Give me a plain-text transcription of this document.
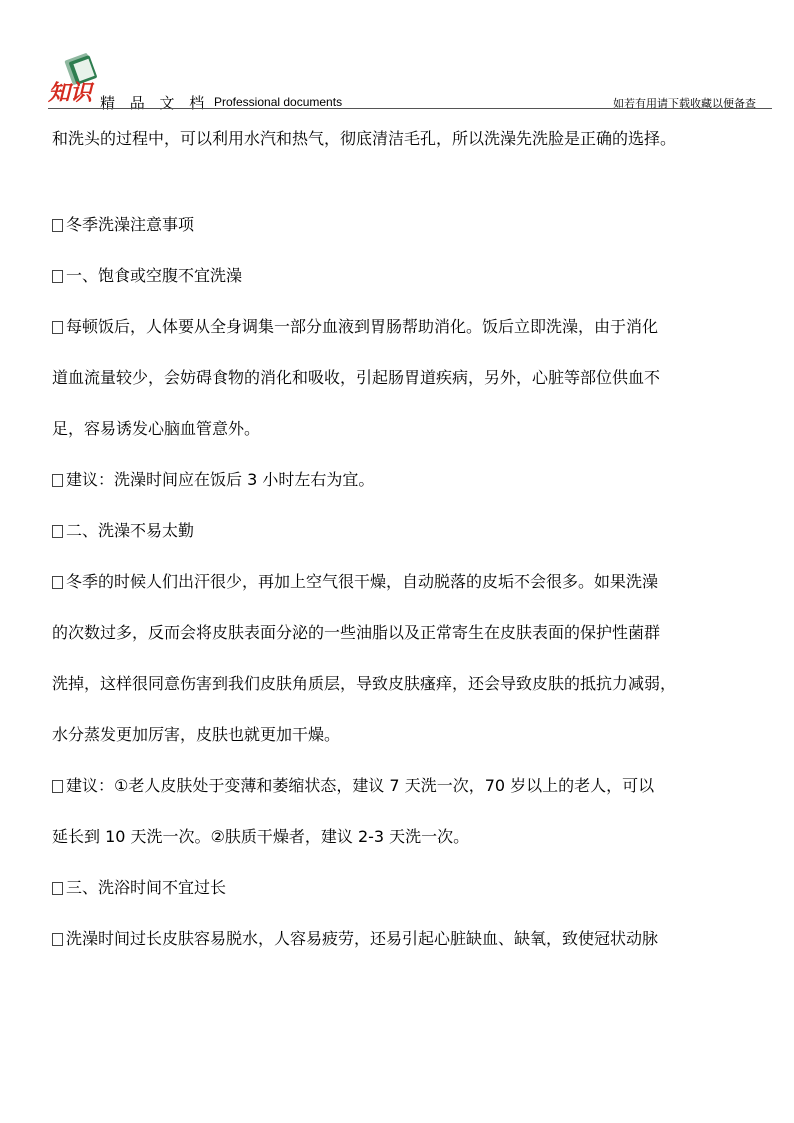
知识 精 品 文 档 Professional documents	如若有用请下载收藏以便备查
和洗头的过程中，可以利用水汽和热气，彻底清洁毛孔，所以洗澡先洗脸是正确的选择。
冬季洗澡注意事项
一、饱食或空腹不宜洗澡
每顿饭后，人体要从全身调集一部分血液到胃肠帮助消化。饭后立即洗澡，由于消化
道血流量较少，会妨碍食物的消化和吸收，引起肠胃道疾病，另外，心脏等部位供血不
足，容易诱发心脑血管意外。
建议：洗澡时间应在饭后 3 小时左右为宜。
二、洗澡不易太勤
冬季的时候人们出汗很少，再加上空气很干燥，自动脱落的皮垢不会很多。如果洗澡
的次数过多，反而会将皮肤表面分泌的一些油脂以及正常寄生在皮肤表面的保护性菌群
洗掉，这样很同意伤害到我们皮肤角质层，导致皮肤瘙痒，还会导致皮肤的抵抗力减弱，
水分蒸发更加厉害，皮肤也就更加干燥。
建议：①老人皮肤处于变薄和萎缩状态，建议 7 天洗一次，70 岁以上的老人，可以
延长到 10 天洗一次。②肤质干燥者，建议 2-3 天洗一次。
三、洗浴时间不宜过长
洗澡时间过长皮肤容易脱水，人容易疲劳，还易引起心脏缺血、缺氧，致使冠状动脉
